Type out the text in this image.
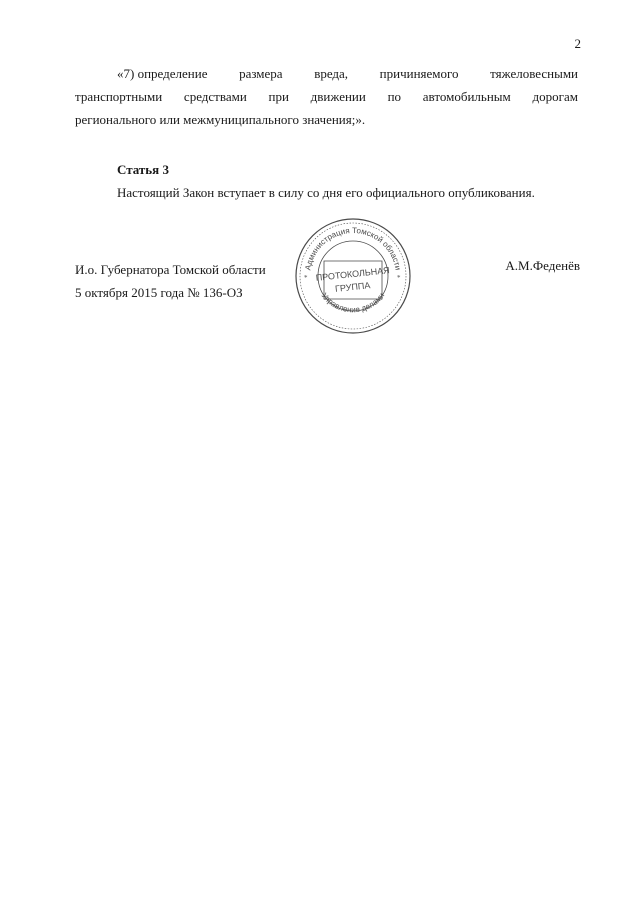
2
«7) определение размера вреда, причиняемого тяжеловесными
транспортными средствами при движении по автомобильным дорогам
регионального или межмуниципального значения;».
Статья 3
Настоящий Закон вступает в силу со дня его официального опубликования.
И.о. Губернатора Томской области
5 октября 2015 года № 136-ОЗ
А.М.Феденёв
Администрация Томской области
Управление делами
ПРОТОКОЛЬНАЯ
ГРУППА
*	*
